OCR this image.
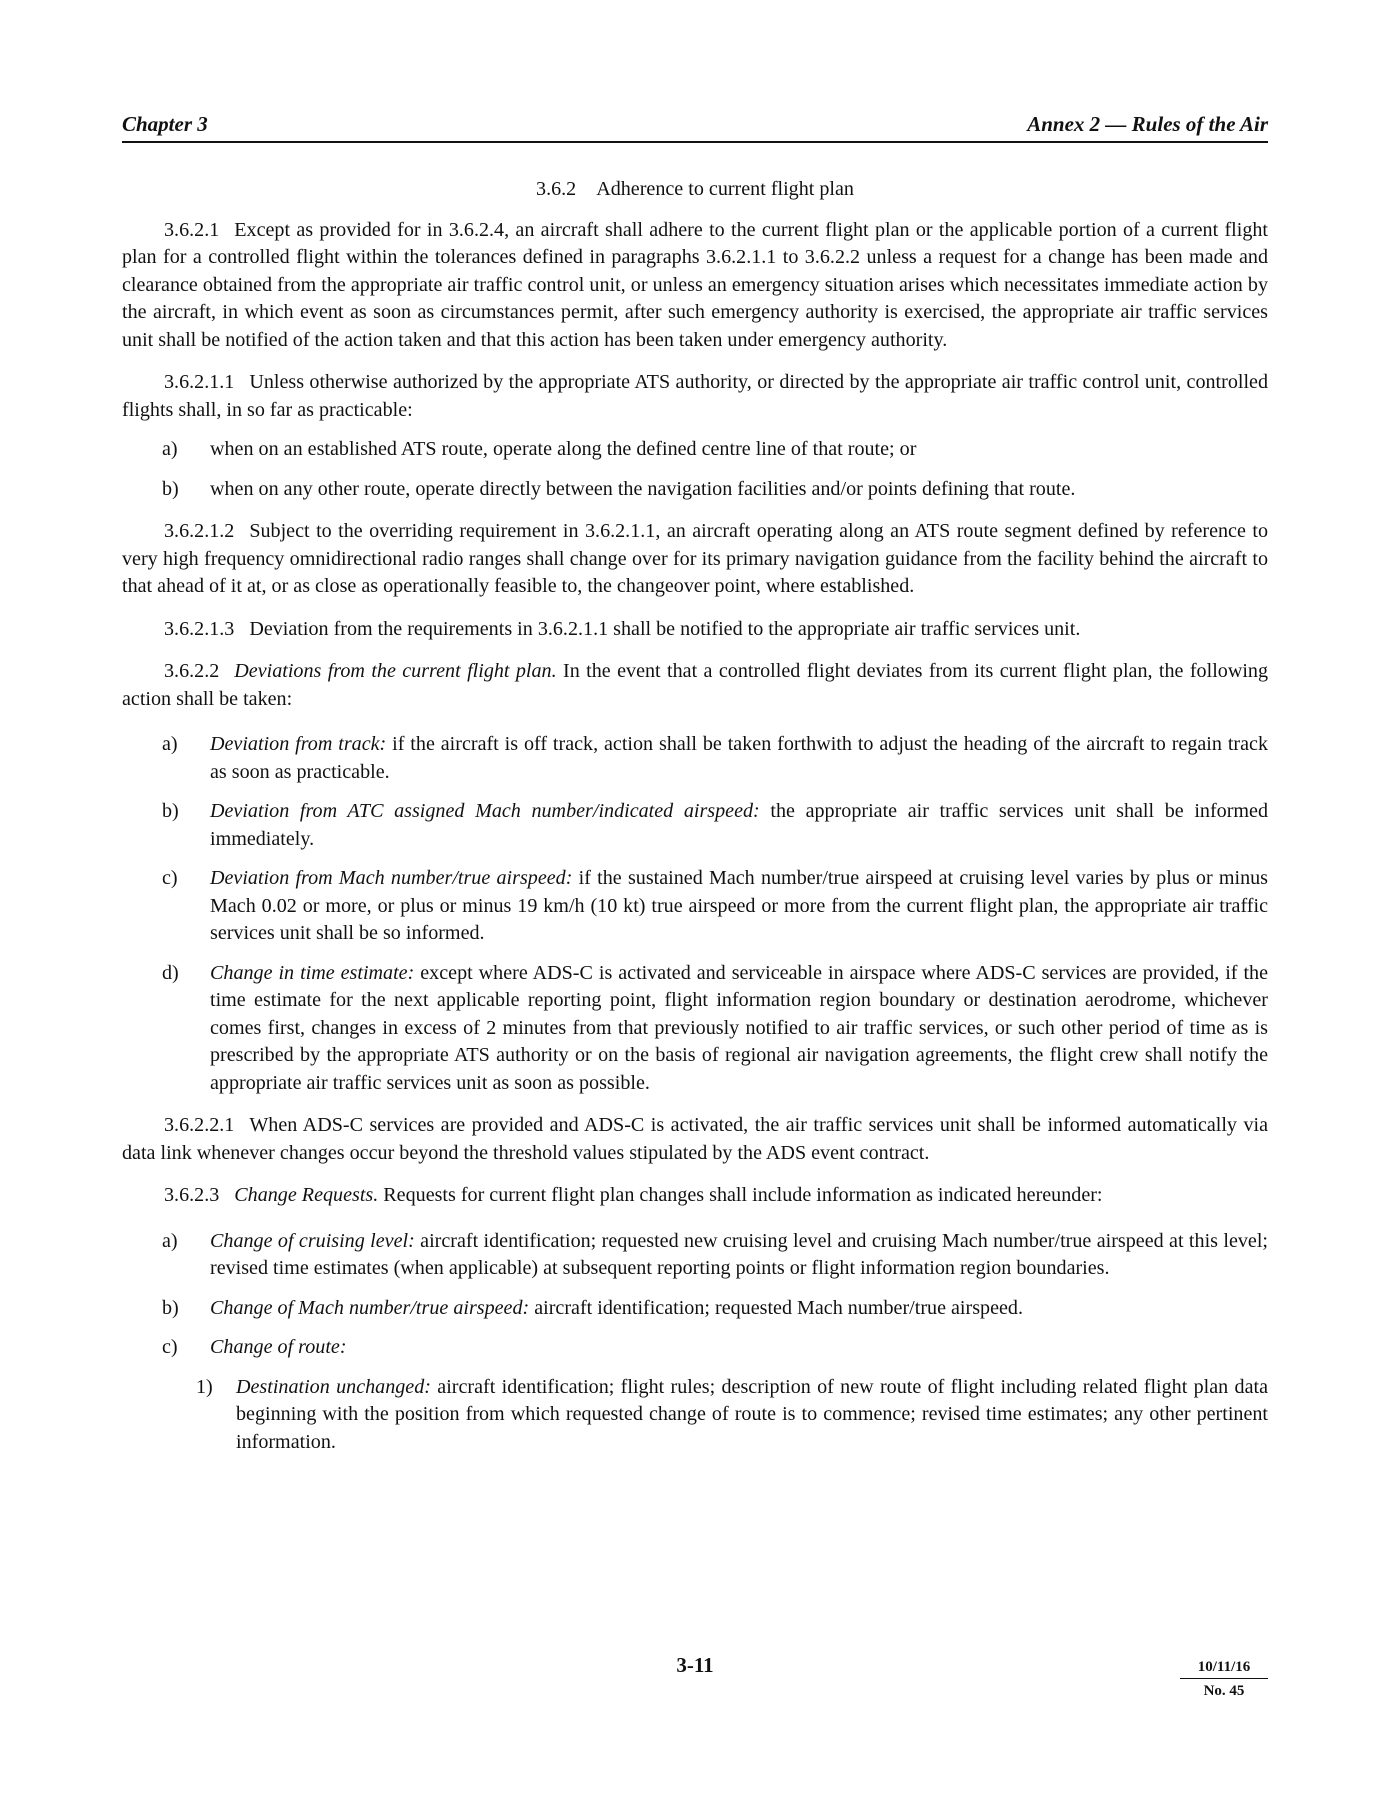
Chapter 3	Annex 2 — Rules of the Air
3.6.2 Adherence to current flight plan

3.6.2.1 Except as provided for in 3.6.2.4, an aircraft shall adhere to the current flight plan or the applicable portion of a current flight plan for a controlled flight within the tolerances defined in paragraphs 3.6.2.1.1 to 3.6.2.2 unless a request for a change has been made and clearance obtained from the appropriate air traffic control unit, or unless an emergency situation arises which necessitates immediate action by the aircraft, in which event as soon as circumstances permit, after such emergency authority is exercised, the appropriate air traffic services unit shall be notified of the action taken and that this action has been taken under emergency authority.

3.6.2.1.1 Unless otherwise authorized by the appropriate ATS authority, or directed by the appropriate air traffic control unit, controlled flights shall, in so far as practicable:

a)	when on an established ATS route, operate along the defined centre line of that route; or
b)	when on any other route, operate directly between the navigation facilities and/or points defining that route.

3.6.2.1.2 Subject to the overriding requirement in 3.6.2.1.1, an aircraft operating along an ATS route segment defined by reference to very high frequency omnidirectional radio ranges shall change over for its primary navigation guidance from the facility behind the aircraft to that ahead of it at, or as close as operationally feasible to, the changeover point, where established.

3.6.2.1.3 Deviation from the requirements in 3.6.2.1.1 shall be notified to the appropriate air traffic services unit.

3.6.2.2 Deviations from the current flight plan. In the event that a controlled flight deviates from its current flight plan, the following action shall be taken:

a)	Deviation from track: if the aircraft is off track, action shall be taken forthwith to adjust the heading of the aircraft to regain track as soon as practicable.
b)	Deviation from ATC assigned Mach number/indicated airspeed: the appropriate air traffic services unit shall be informed immediately.
c)	Deviation from Mach number/true airspeed: if the sustained Mach number/true airspeed at cruising level varies by plus or minus Mach 0.02 or more, or plus or minus 19 km/h (10 kt) true airspeed or more from the current flight plan, the appropriate air traffic services unit shall be so informed.
d)	Change in time estimate: except where ADS-C is activated and serviceable in airspace where ADS-C services are provided, if the time estimate for the next applicable reporting point, flight information region boundary or destination aerodrome, whichever comes first, changes in excess of 2 minutes from that previously notified to air traffic services, or such other period of time as is prescribed by the appropriate ATS authority or on the basis of regional air navigation agreements, the flight crew shall notify the appropriate air traffic services unit as soon as possible.

3.6.2.2.1 When ADS-C services are provided and ADS-C is activated, the air traffic services unit shall be informed automatically via data link whenever changes occur beyond the threshold values stipulated by the ADS event contract.

3.6.2.3 Change Requests. Requests for current flight plan changes shall include information as indicated hereunder:

a)	Change of cruising level: aircraft identification; requested new cruising level and cruising Mach number/true airspeed at this level; revised time estimates (when applicable) at subsequent reporting points or flight information region boundaries.
b)	Change of Mach number/true airspeed: aircraft identification; requested Mach number/true airspeed.
c)	Change of route:
1)	Destination unchanged: aircraft identification; flight rules; description of new route of flight including related flight plan data beginning with the position from which requested change of route is to commence; revised time estimates; any other pertinent information.
3-11	10/11/16
No. 45
